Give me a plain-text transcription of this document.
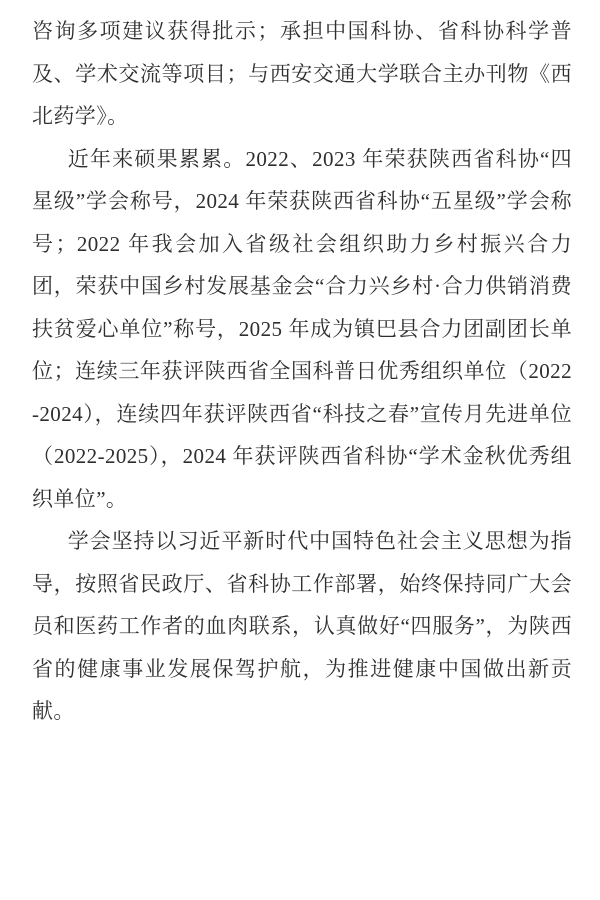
咨询多项建议获得批示；承担中国科协、省科协科学普及、学术交流等项目；与西安交通大学联合主办刊物《西北药学》。

近年来硕果累累。2022、2023 年荣获陕西省科协“四星级”学会称号，2024 年荣获陕西省科协“五星级”学会称号；2022 年我会加入省级社会组织助力乡村振兴合力团，荣获中国乡村发展基金会“合力兴乡村·合力供销消费扶贫爱心单位”称号，2025 年成为镇巴县合力团副团长单位；连续三年获评陕西省全国科普日优秀组织单位（2022-2024），连续四年获评陕西省“科技之春”宣传月先进单位（2022-2025），2024 年获评陕西省科协“学术金秋优秀组织单位”。

学会坚持以习近平新时代中国特色社会主义思想为指导，按照省民政厅、省科协工作部署，始终保持同广大会员和医药工作者的血肉联系，认真做好“四服务”，为陕西省的健康事业发展保驾护航，为推进健康中国做出新贡献。
